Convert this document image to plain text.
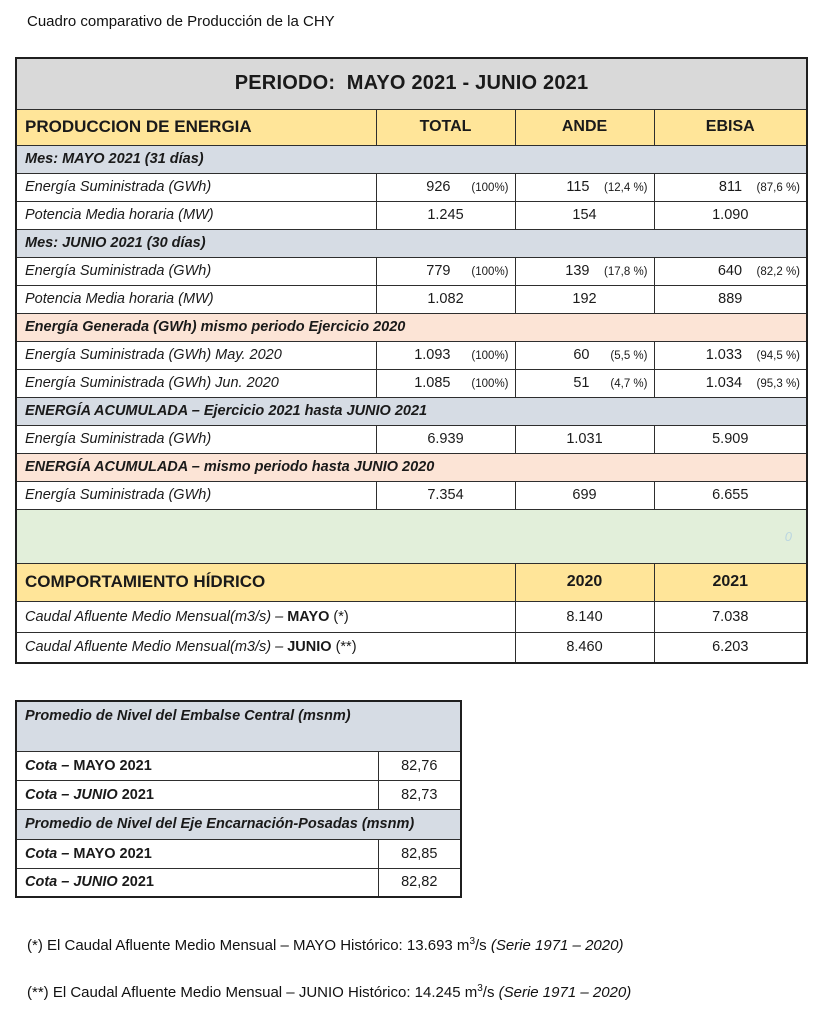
Cuadro comparativo de Producción de la CHY
PERIODO:  MAYO 2021 - JUNIO 2021			
PRODUCCION DE ENERGIA	TOTAL	ANDE	EBISA
Mes: MAYO 2021 (31 días)			
Energía Suministrada (GWh)	926 (100%)	115 (12,4 %)	811 (87,6 %)

Potencia Media horaria (MW)	1.245	154	1.090
Mes: JUNIO 2021 (30 días)			
Energía Suministrada (GWh)	779 (100%)	139 (17,8 %)	640 (82,2 %)

Potencia Media horaria (MW)	1.082	192	889
Energía Generada (GWh) mismo periodo Ejercicio 2020			
Energía Suministrada (GWh) May. 2020	1.093 (100%)	60 (5,5 %)	1.033 (94,5 %)

Energía Suministrada (GWh) Jun. 2020	1.085 (100%)	51 (4,7 %)	1.034 (95,3 %)

ENERGÍA ACUMULADA – Ejercicio 2021 hasta JUNIO 2021			
Energía Suministrada (GWh)	6.939	1.031	5.909
ENERGÍA ACUMULADA – mismo periodo hasta JUNIO 2020			
Energía Suministrada (GWh)	7.354	699	6.655

0			

COMPORTAMIENTO HÍDRICO		2020	2021
Caudal Afluente Medio Mensual(m3/s) – MAYO (*)		8.140	7.038
Caudal Afluente Medio Mensual(m3/s) – JUNIO (**)		8.460	6.203
Promedio de Nivel del Embalse Central (msnm)	
Cota – MAYO 2021	82,76
Cota – JUNIO 2021	82,73
Promedio de Nivel del Eje Encarnación-Posadas (msnm)	
Cota – MAYO 2021	82,85
Cota – JUNIO 2021	82,82
(*) El Caudal Afluente Medio Mensual – MAYO Histórico: 13.693 $m^3/s$ (Serie 1971 – 2020)
(**) El Caudal Afluente Medio Mensual – JUNIO Histórico: 14.245 $m^3/s$ (Serie 1971 – 2020)
